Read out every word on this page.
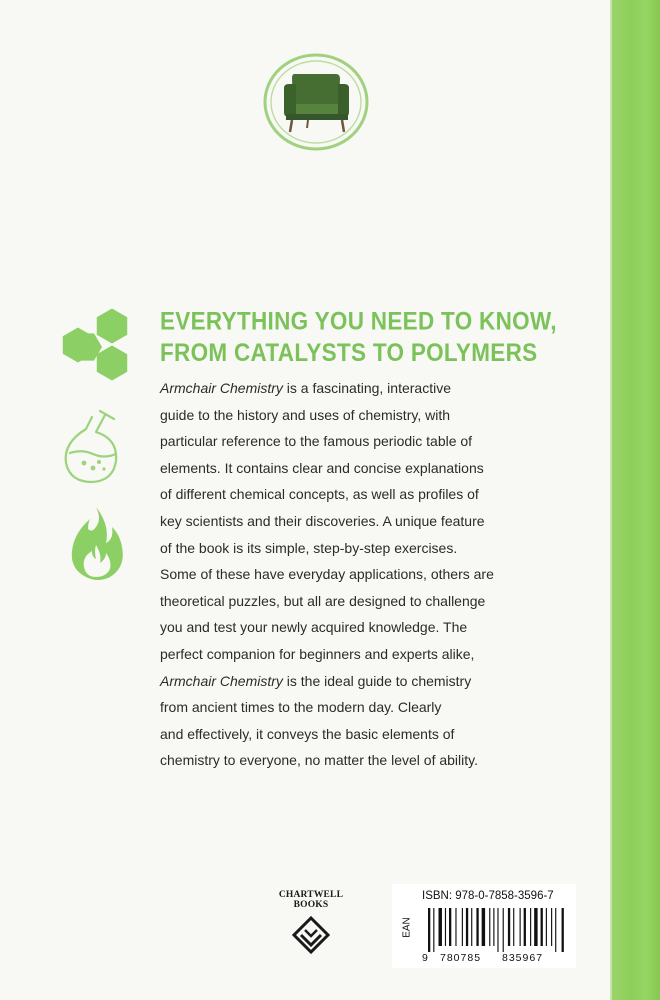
EVERYTHING YOU NEED TO KNOW,
FROM CATALYSTS TO POLYMERS
Armchair Chemistry is a fascinating, interactive
guide to the history and uses of chemistry, with
particular reference to the famous periodic table of
elements. It contains clear and concise explanations
of different chemical concepts, as well as profiles of
key scientists and their discoveries. A unique feature
of the book is its simple, step-by-step exercises.
Some of these have everyday applications, others are
theoretical puzzles, but all are designed to challenge
you and test your newly acquired knowledge. The
perfect companion for beginners and experts alike,
Armchair Chemistry is the ideal guide to chemistry
from ancient times to the modern day. Clearly
and effectively, it conveys the basic elements of
chemistry to everyone, no matter the level of ability.
CHARTWELL
BOOKS
ISBN: 978-0-7858-3596-7
EAN
9 780785 835967
